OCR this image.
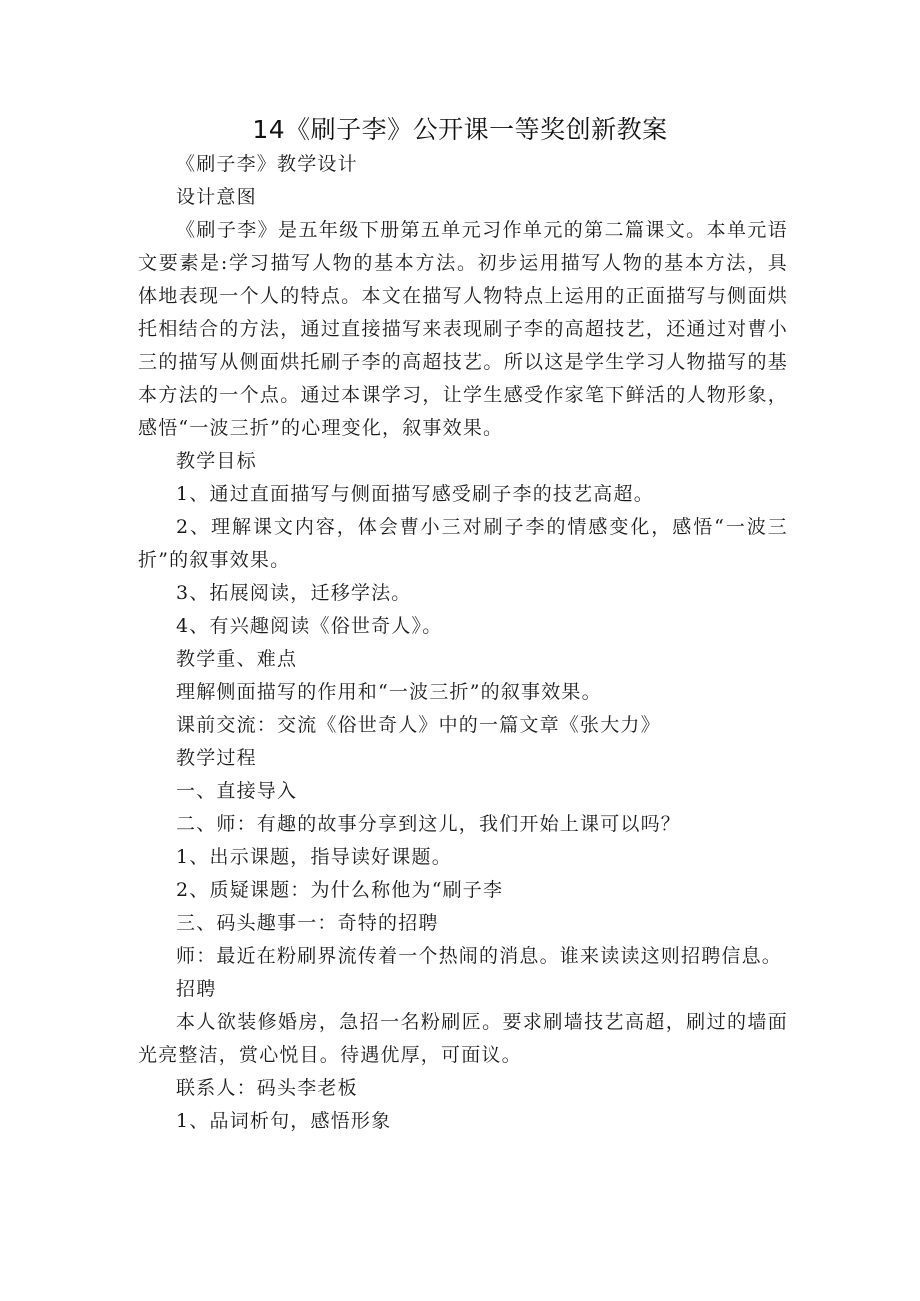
14《刷子李》公开课一等奖创新教案

《刷子李》教学设计

设计意图

《刷子李》是五年级下册第五单元习作单元的第二篇课文。本单元语文要素是:学习描写人物的基本方法。初步运用描写人物的基本方法，具体地表现一个人的特点。本文在描写人物特点上运用的正面描写与侧面烘托相结合的方法，通过直接描写来表现刷子李的高超技艺，还通过对曹小三的描写从侧面烘托刷子李的高超技艺。所以这是学生学习人物描写的基本方法的一个点。通过本课学习，让学生感受作家笔下鲜活的人物形象，感悟“一波三折”的心理变化，叙事效果。

教学目标

1、通过直面描写与侧面描写感受刷子李的技艺高超。

2、理解课文内容，体会曹小三对刷子李的情感变化，感悟“一波三折”的叙事效果。

3、拓展阅读，迁移学法。

4、有兴趣阅读《俗世奇人》。

教学重、难点

理解侧面描写的作用和“一波三折”的叙事效果。

课前交流：交流《俗世奇人》中的一篇文章《张大力》

教学过程

一、直接导入

二、师：有趣的故事分享到这儿，我们开始上课可以吗？

1、出示课题，指导读好课题。

2、质疑课题：为什么称他为“刷子李

三、码头趣事一：奇特的招聘

师：最近在粉刷界流传着一个热闹的消息。谁来读读这则招聘信息。

招聘

本人欲装修婚房，急招一名粉刷匠。要求刷墙技艺高超，刷过的墙面光亮整洁，赏心悦目。待遇优厚，可面议。

联系人：码头李老板

1、品词析句，感悟形象
